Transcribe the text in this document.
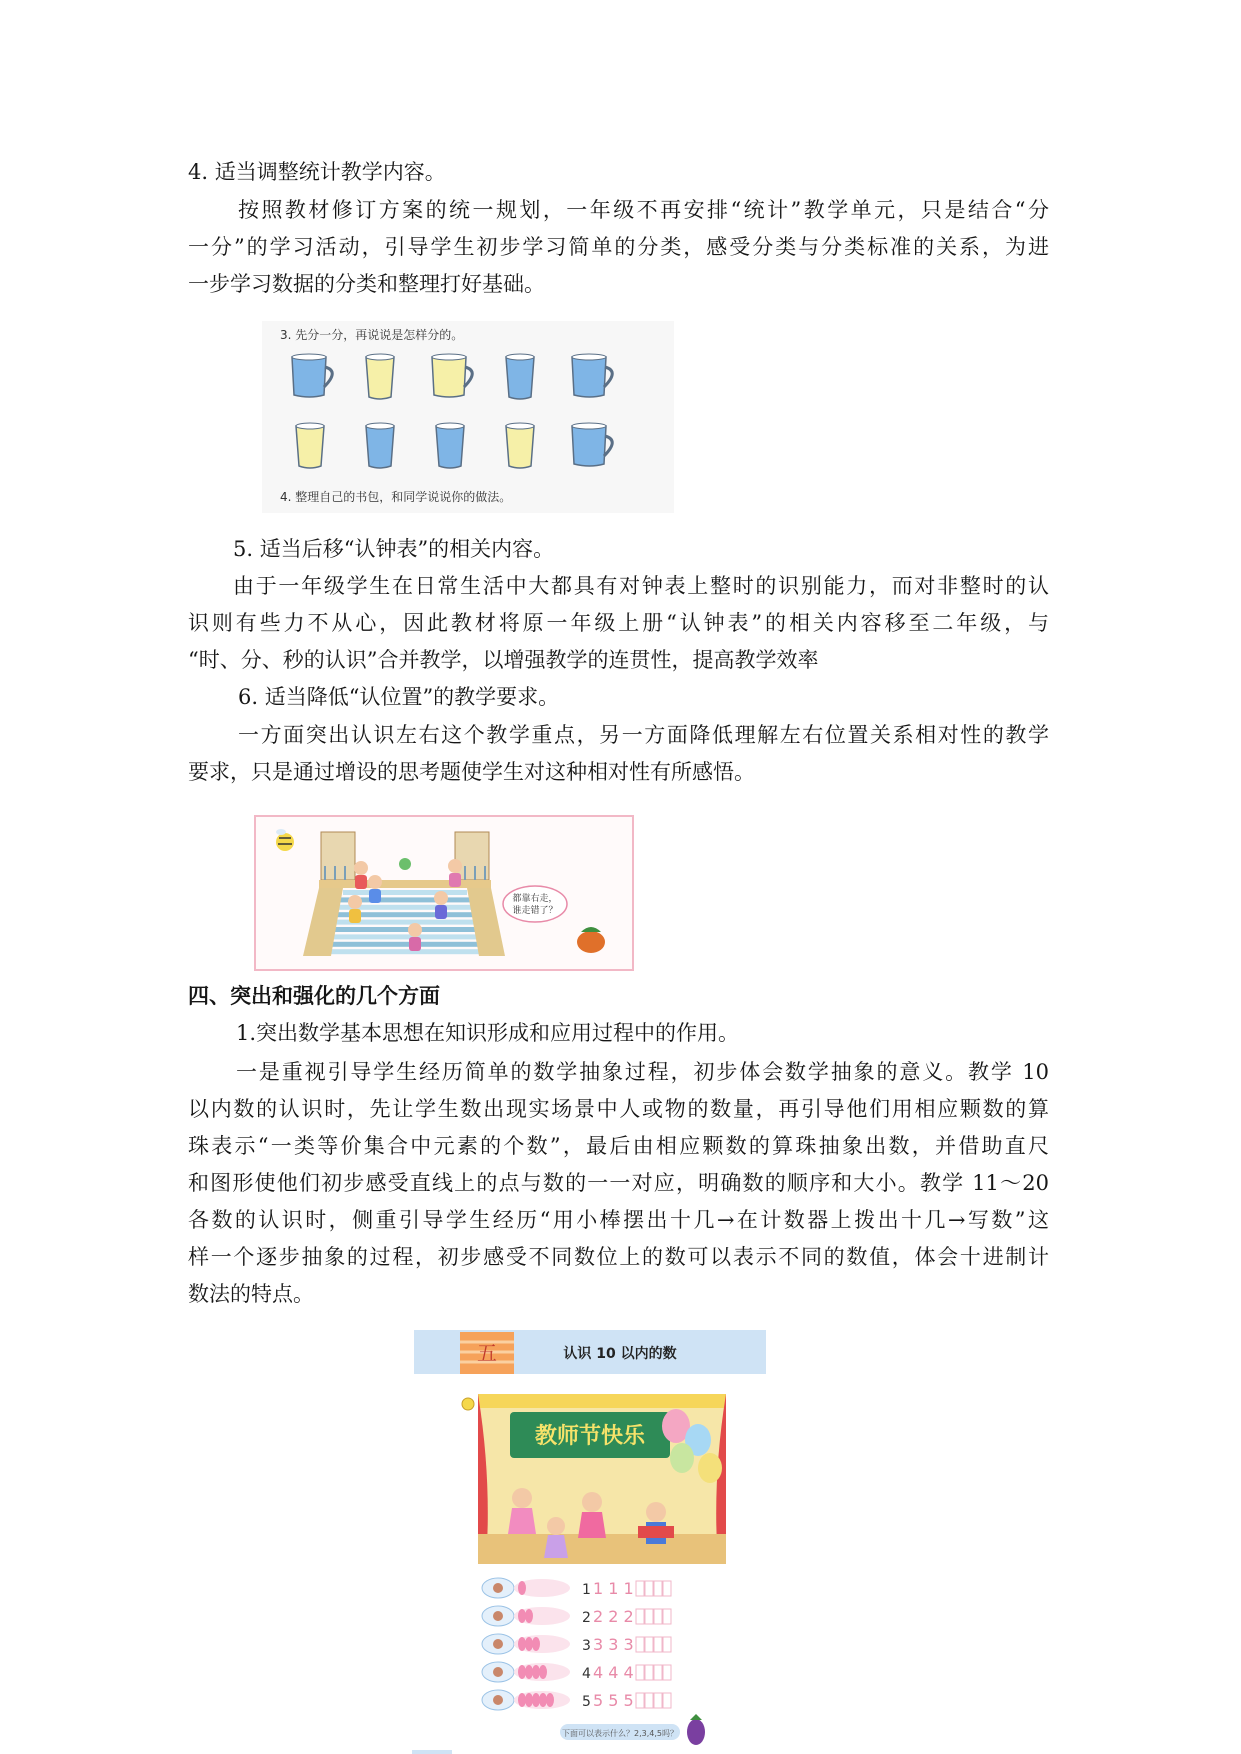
4. 适当调整统计教学内容。
按照教材修订方案的统一规划，一年级不再安排“统计”教学单元，只是结合“分
一分”的学习活动，引导学生初步学习简单的分类，感受分类与分类标准的关系，为进
一步学习数据的分类和整理打好基础。
3. 先分一分，再说说是怎样分的。
4. 整理自己的书包，和同学说说你的做法。
5. 适当后移“认钟表”的相关内容。
由于一年级学生在日常生活中大都具有对钟表上整时的识别能力，而对非整时的认
识则有些力不从心，因此教材将原一年级上册“认钟表”的相关内容移至二年级，与
“时、分、秒的认识”合并教学，以增强教学的连贯性，提高教学效率
6. 适当降低“认位置”的教学要求。
一方面突出认识左右这个教学重点，另一方面降低理解左右位置关系相对性的教学
要求，只是通过增设的思考题使学生对这种相对性有所感悟。
都靠右走，
谁走错了？
四、突出和强化的几个方面
1.突出数学基本思想在知识形成和应用过程中的作用。
一是重视引导学生经历简单的数学抽象过程，初步体会数学抽象的意义。教学 10
以内数的认识时，先让学生数出现实场景中人或物的数量，再引导他们用相应颗数的算
珠表示“一类等价集合中元素的个数”，最后由相应颗数的算珠抽象出数，并借助直尺
和图形使他们初步感受直线上的点与数的一一对应，明确数的顺序和大小。教学 11～20
各数的认识时，侧重引导学生经历“用小棒摆出十几→在计数器上拨出十几→写数”这
样一个逐步抽象的过程，初步感受不同数位上的数可以表示不同的数值，体会十进制计
数法的特点。
五	认识 10 以内的数
教师节快乐
1 1 1 1
2 2 2 2
3 3 3 3
4 4 4 4
5 5 5 5
下面可以表示什么？2,3,4,5吗？
